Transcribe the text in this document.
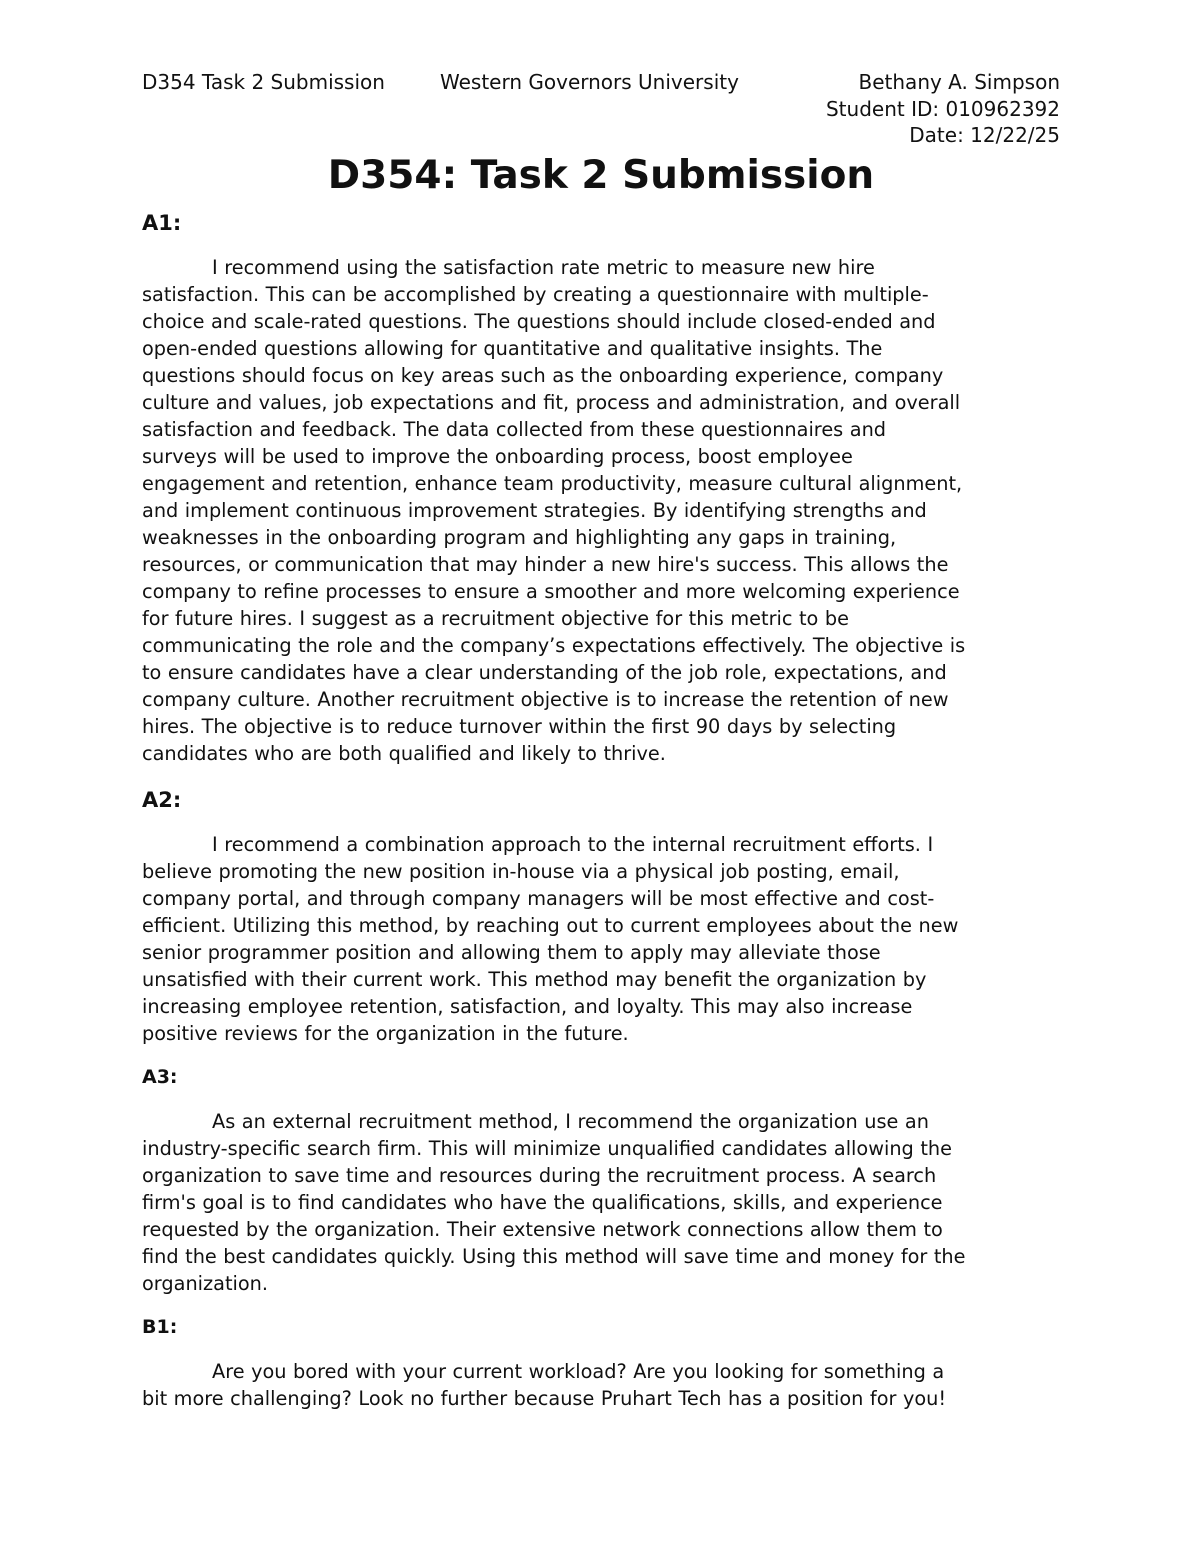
D354 Task 2 Submission	Western Governors University	Bethany A. Simpson
Student ID: 010962392
Date: 12/22/25
D354: Task 2 Submission
A1:

I recommend using the satisfaction rate metric to measure new hire
satisfaction. This can be accomplished by creating a questionnaire with multiple-
choice and scale-rated questions. The questions should include closed-ended and
open-ended questions allowing for quantitative and qualitative insights. The
questions should focus on key areas such as the onboarding experience, company
culture and values, job expectations and fit, process and administration, and overall
satisfaction and feedback. The data collected from these questionnaires and
surveys will be used to improve the onboarding process, boost employee
engagement and retention, enhance team productivity, measure cultural alignment,
and implement continuous improvement strategies. By identifying strengths and
weaknesses in the onboarding program and highlighting any gaps in training,
resources, or communication that may hinder a new hire's success. This allows the
company to refine processes to ensure a smoother and more welcoming experience
for future hires. I suggest as a recruitment objective for this metric to be
communicating the role and the company’s expectations effectively. The objective is
to ensure candidates have a clear understanding of the job role, expectations, and
company culture. Another recruitment objective is to increase the retention of new
hires. The objective is to reduce turnover within the first 90 days by selecting
candidates who are both qualified and likely to thrive.

A2:

I recommend a combination approach to the internal recruitment efforts. I
believe promoting the new position in-house via a physical job posting, email,
company portal, and through company managers will be most effective and cost-
efficient. Utilizing this method, by reaching out to current employees about the new
senior programmer position and allowing them to apply may alleviate those
unsatisfied with their current work. This method may benefit the organization by
increasing employee retention, satisfaction, and loyalty. This may also increase
positive reviews for the organization in the future.

A3:

As an external recruitment method, I recommend the organization use an
industry-specific search firm. This will minimize unqualified candidates allowing the
organization to save time and resources during the recruitment process. A search
firm's goal is to find candidates who have the qualifications, skills, and experience
requested by the organization. Their extensive network connections allow them to
find the best candidates quickly. Using this method will save time and money for the
organization.

B1:

Are you bored with your current workload? Are you looking for something a
bit more challenging? Look no further because Pruhart Tech has a position for you!
